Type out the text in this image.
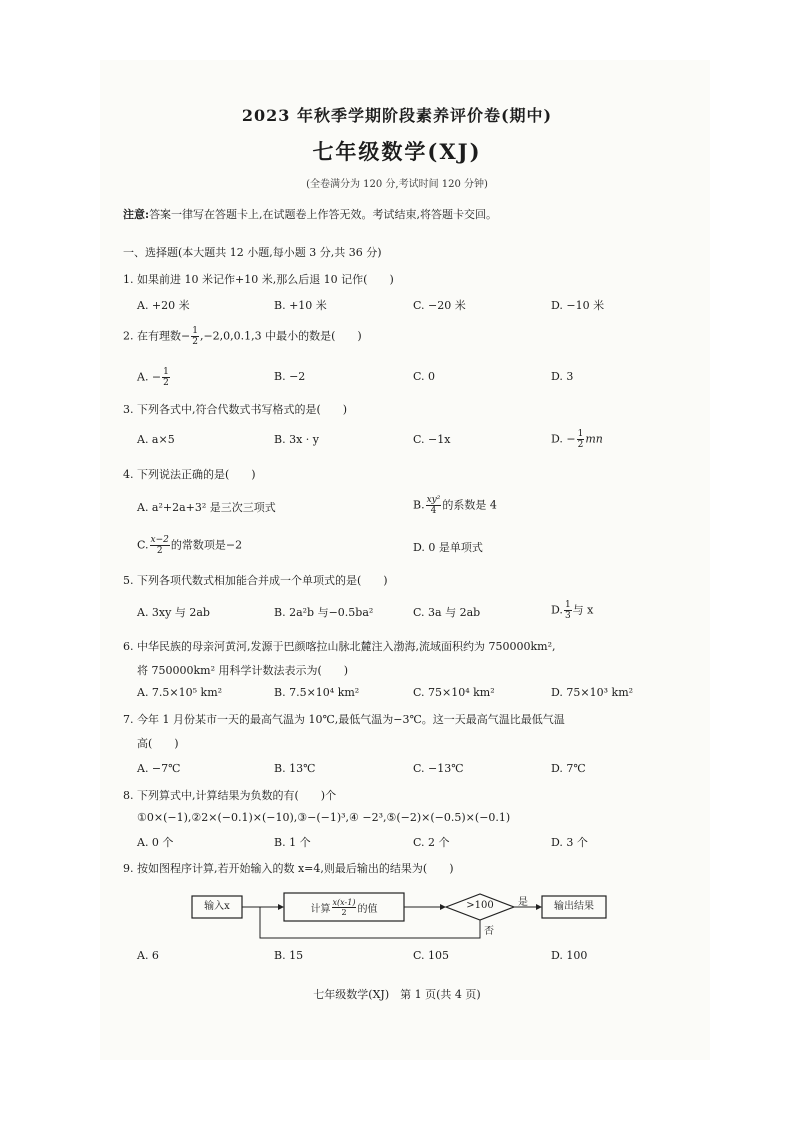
2023 年秋季学期阶段素养评价卷(期中)
七年级数学(XJ)
(全卷满分为 120 分,考试时间 120 分钟)
注意:答案一律写在答题卡上,在试题卷上作答无效。考试结束,将答题卡交回。
一、选择题(本大题共 12 小题,每小题 3 分,共 36 分)
1. 如果前进 10 米记作+10 米,那么后退 10 记作(　　)
A. +20 米	B. +10 米	C. −20 米	D. −10 米
2. 在有理数− $\frac{1}{2} ,-2,0,0.1,3$ 中最小的数是(　　)
A. − $\frac{1}{2}$	B. −2	C. 0	D. 3
3. 下列各式中,符合代数式书写格式的是(　　)
A. a×5	B. 3x · y	C. −1x	D. − $\frac{1}{2}$ mn
4. 下列说法正确的是(　　)
A. a²+2a+3² 是三次三项式	B. $\frac{\text{xy²}}{4}$ 的系数是 4
C. $\frac{x-2}{2}$ 的常数项是−2	D. 0 是单项式
5. 下列各项代数式相加能合并成一个单项式的是(　　)
A. 3xy 与 2ab	B. 2a²b 与−0.5ba²	C. 3a 与 2ab	D. $\frac{1}{3}$ 与 x
6. 中华民族的母亲河黄河,发源于巴颜喀拉山脉北麓注入渤海,流域面积约为 750000km²,
将 750000km² 用科学计数法表示为(　　)
A. 7.5×10⁵ km²	B. 7.5×10⁴ km²	C. 75×10⁴ km²	D. 75×10³ km²
7. 今年 1 月份某市一天的最高气温为 10℃,最低气温为−3℃。这一天最高气温比最低气温
高(　　)
A. −7℃	B. 13℃	C. −13℃	D. 7℃
8. 下列算式中,计算结果为负数的有(　　)个
①0×(−1),②2×(−0.1)×(−10),③−(−1)³,④ −2³,⑤(−2)×(−0.5)×(−0.1)
A. 0 个	B. 1 个	C. 2 个	D. 3 个
9. 按如图程序计算,若开始输入的数 x=4,则最后输出的结果为(　　)
输入x	计算 $\frac{x(x-1)}{2}$ 的值	>100	是
否
输出结果
A. 6	B. 15	C. 105	D. 100
七年级数学(XJ)　第 1 页(共 4 页)
